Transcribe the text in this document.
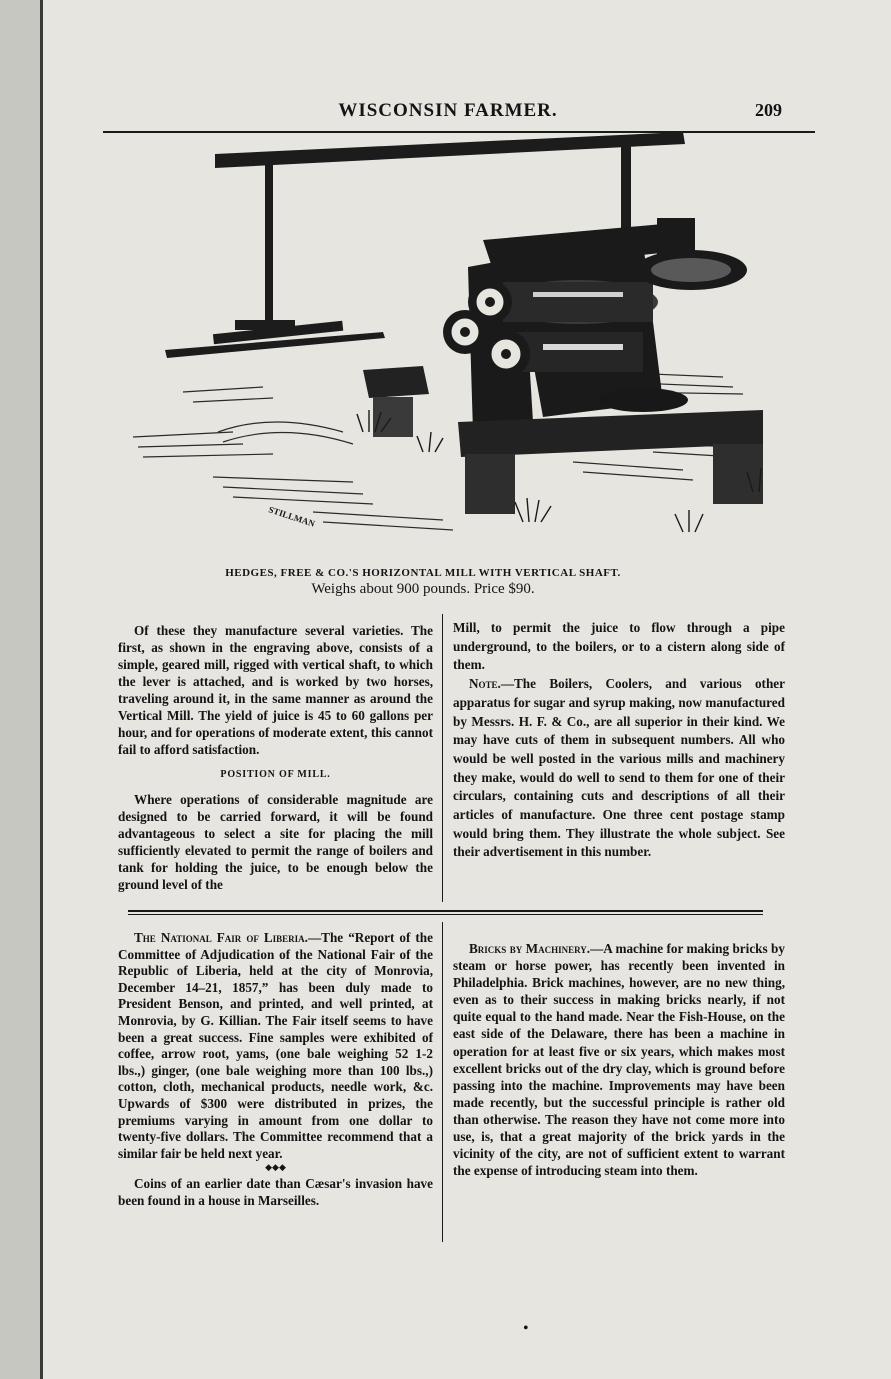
WISCONSIN FARMER.	209
STILLMAN
HEDGES, FREE & CO.'S HORIZONTAL MILL WITH VERTICAL SHAFT.
Weighs about 900 pounds. Price $90.

Of these they manufacture several varieties. The first, as shown in the engraving above, consists of a simple, geared mill, rigged with vertical shaft, to which the lever is attached, and is worked by two horses, traveling around it, in the same manner as around the Vertical Mill. The yield of juice is 45 to 60 gallons per hour, and for operations of moderate extent, this cannot fail to afford satisfaction.

POSITION OF MILL.

Where operations of considerable magnitude are designed to be carried forward, it will be found advantageous to select a site for placing the mill sufficiently elevated to permit the range of boilers and tank for holding the juice, to be enough below the ground level of the

Mill, to permit the juice to flow through a pipe underground, to the boilers, or to a cistern along side of them.

Note.—The Boilers, Coolers, and various other apparatus for sugar and syrup making, now manufactured by Messrs. H. F. & Co., are all superior in their kind. We may have cuts of them in subsequent numbers. All who would be well posted in the various mills and machinery they make, would do well to send to them for one of their circulars, containing cuts and descriptions of all their articles of manufacture. One three cent postage stamp would bring them. They illustrate the whole subject. See their advertisement in this number.

The National Fair of Liberia.—The “Report of the Committee of Adjudication of the National Fair of the Republic of Liberia, held at the city of Monrovia, December 14–21, 1857,” has been duly made to President Benson, and printed, and well printed, at Monrovia, by G. Killian. The Fair itself seems to have been a great success. Fine samples were exhibited of coffee, arrow root, yams, (one bale weighing 52 1-2 lbs.,) ginger, (one bale weighing more than 100 lbs.,) cotton, cloth, mechanical products, needle work, &c. Upwards of $300 were distributed in prizes, the premiums varying in amount from one dollar to twenty-five dollars. The Committee recommend that a similar fair be held next year.

◆◆◆

Coins of an earlier date than Cæsar's invasion have been found in a house in Marseilles.

Bricks by Machinery.—A machine for making bricks by steam or horse power, has recently been invented in Philadelphia. Brick machines, however, are no new thing, even as to their success in making bricks nearly, if not quite equal to the hand made. Near the Fish-House, on the east side of the Delaware, there has been a machine in operation for at least five or six years, which makes most excellent bricks out of the dry clay, which is ground before passing into the machine. Improvements may have been made recently, but the successful principle is rather old than otherwise. The reason they have not come more into use, is, that a great majority of the brick yards in the vicinity of the city, are not of sufficient extent to warrant the expense of introducing steam into them.

•
